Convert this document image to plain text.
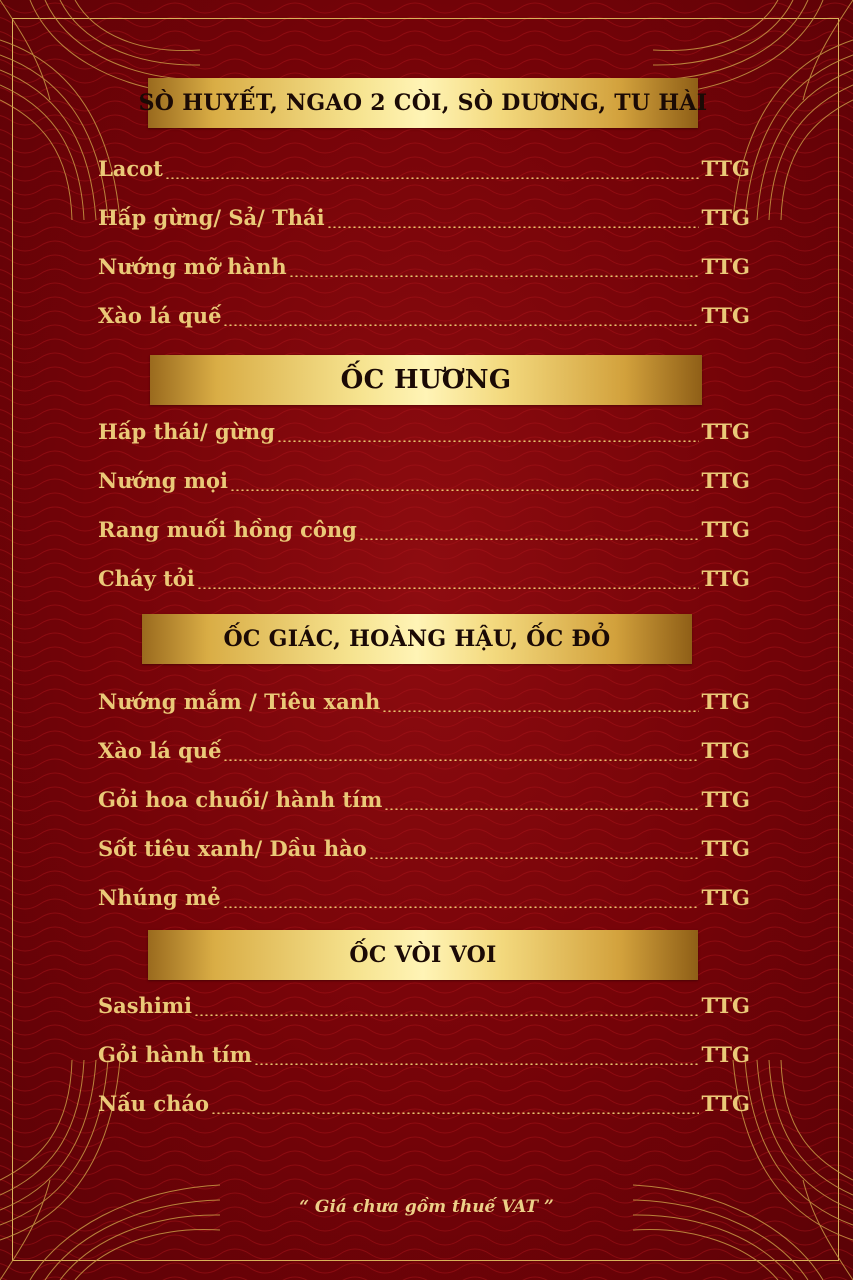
SÒ HUYẾT, NGAO 2 CÒI, SÒ DƯƠNG, TU HÀI
Lacot	TTG
Hấp gừng/ Sả/ Thái	TTG
Nướng mỡ hành	TTG
Xào lá quế	TTG
ỐC HƯƠNG
Hấp thái/ gừng	TTG
Nướng mọi	TTG
Rang muối hồng công	TTG
Cháy tỏi	TTG
ỐC GIÁC, HOÀNG HẬU, ỐC ĐỎ
Nướng mắm / Tiêu xanh	TTG
Xào lá quế	TTG
Gỏi hoa chuối/ hành tím	TTG
Sốt tiêu xanh/ Dầu hào	TTG
Nhúng mẻ	TTG
ỐC VÒI VOI
Sashimi	TTG
Gỏi hành tím	TTG
Nấu cháo	TTG
“ Giá chưa gồm thuế VAT ”
